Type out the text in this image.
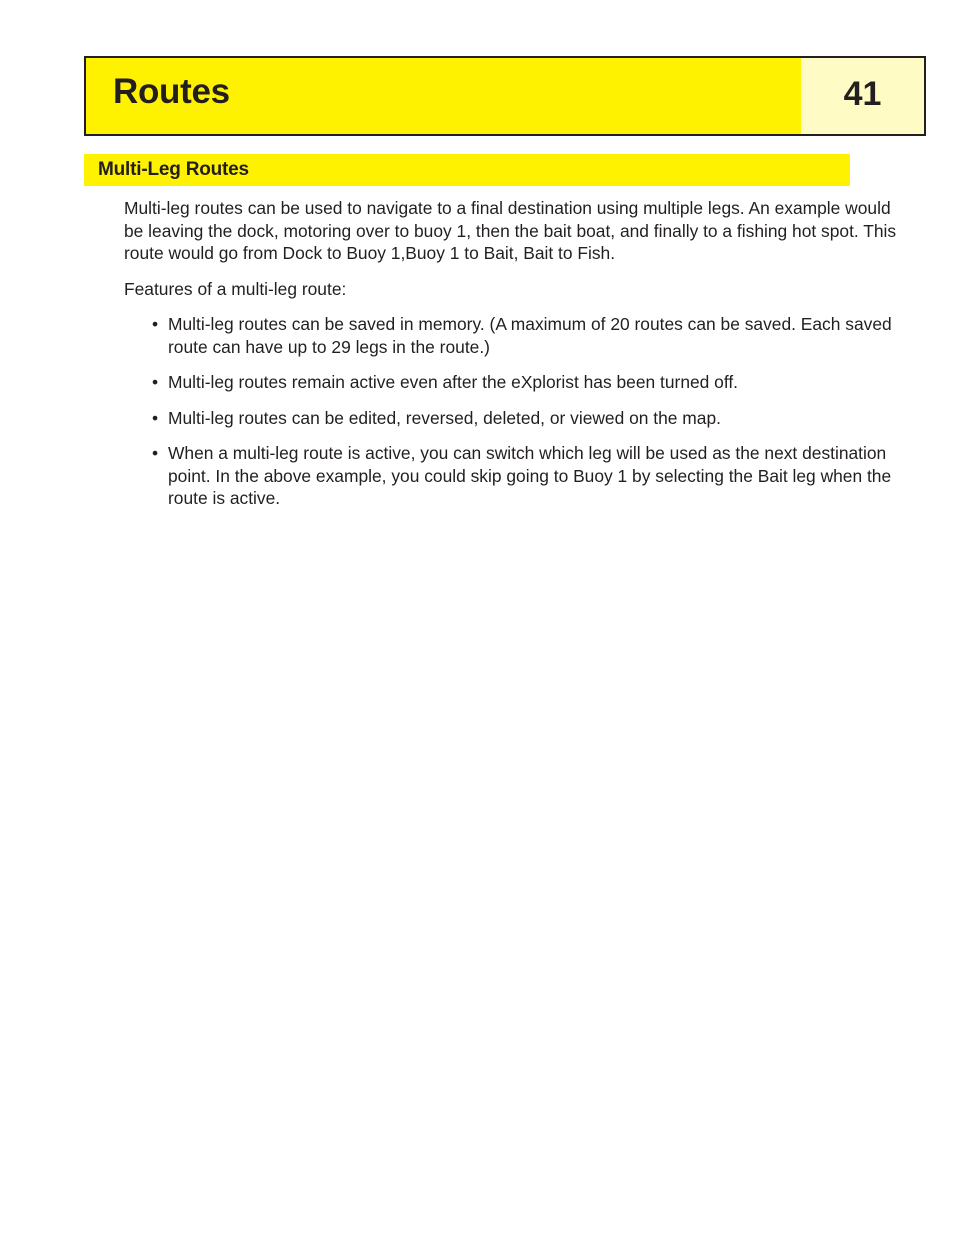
Routes	41
Multi-Leg Routes

Multi-leg routes can be used to navigate to a final destination using multiple legs. An example would be leaving the dock, motoring over to buoy 1, then the bait boat, and finally to a fishing hot spot. This route would go from Dock to Buoy 1,Buoy 1 to Bait, Bait to Fish.

Features of a multi-leg route:

• Multi-leg routes can be saved in memory. (A maximum of 20 routes can be saved. Each saved route can have up to 29 legs in the route.)
• Multi-leg routes remain active even after the eXplorist has been turned off.
• Multi-leg routes can be edited, reversed, deleted, or viewed on the map.
• When a multi-leg route is active, you can switch which leg will be used as the next destination point. In the above example, you could skip going to Buoy 1 by selecting the Bait leg when the route is active.
